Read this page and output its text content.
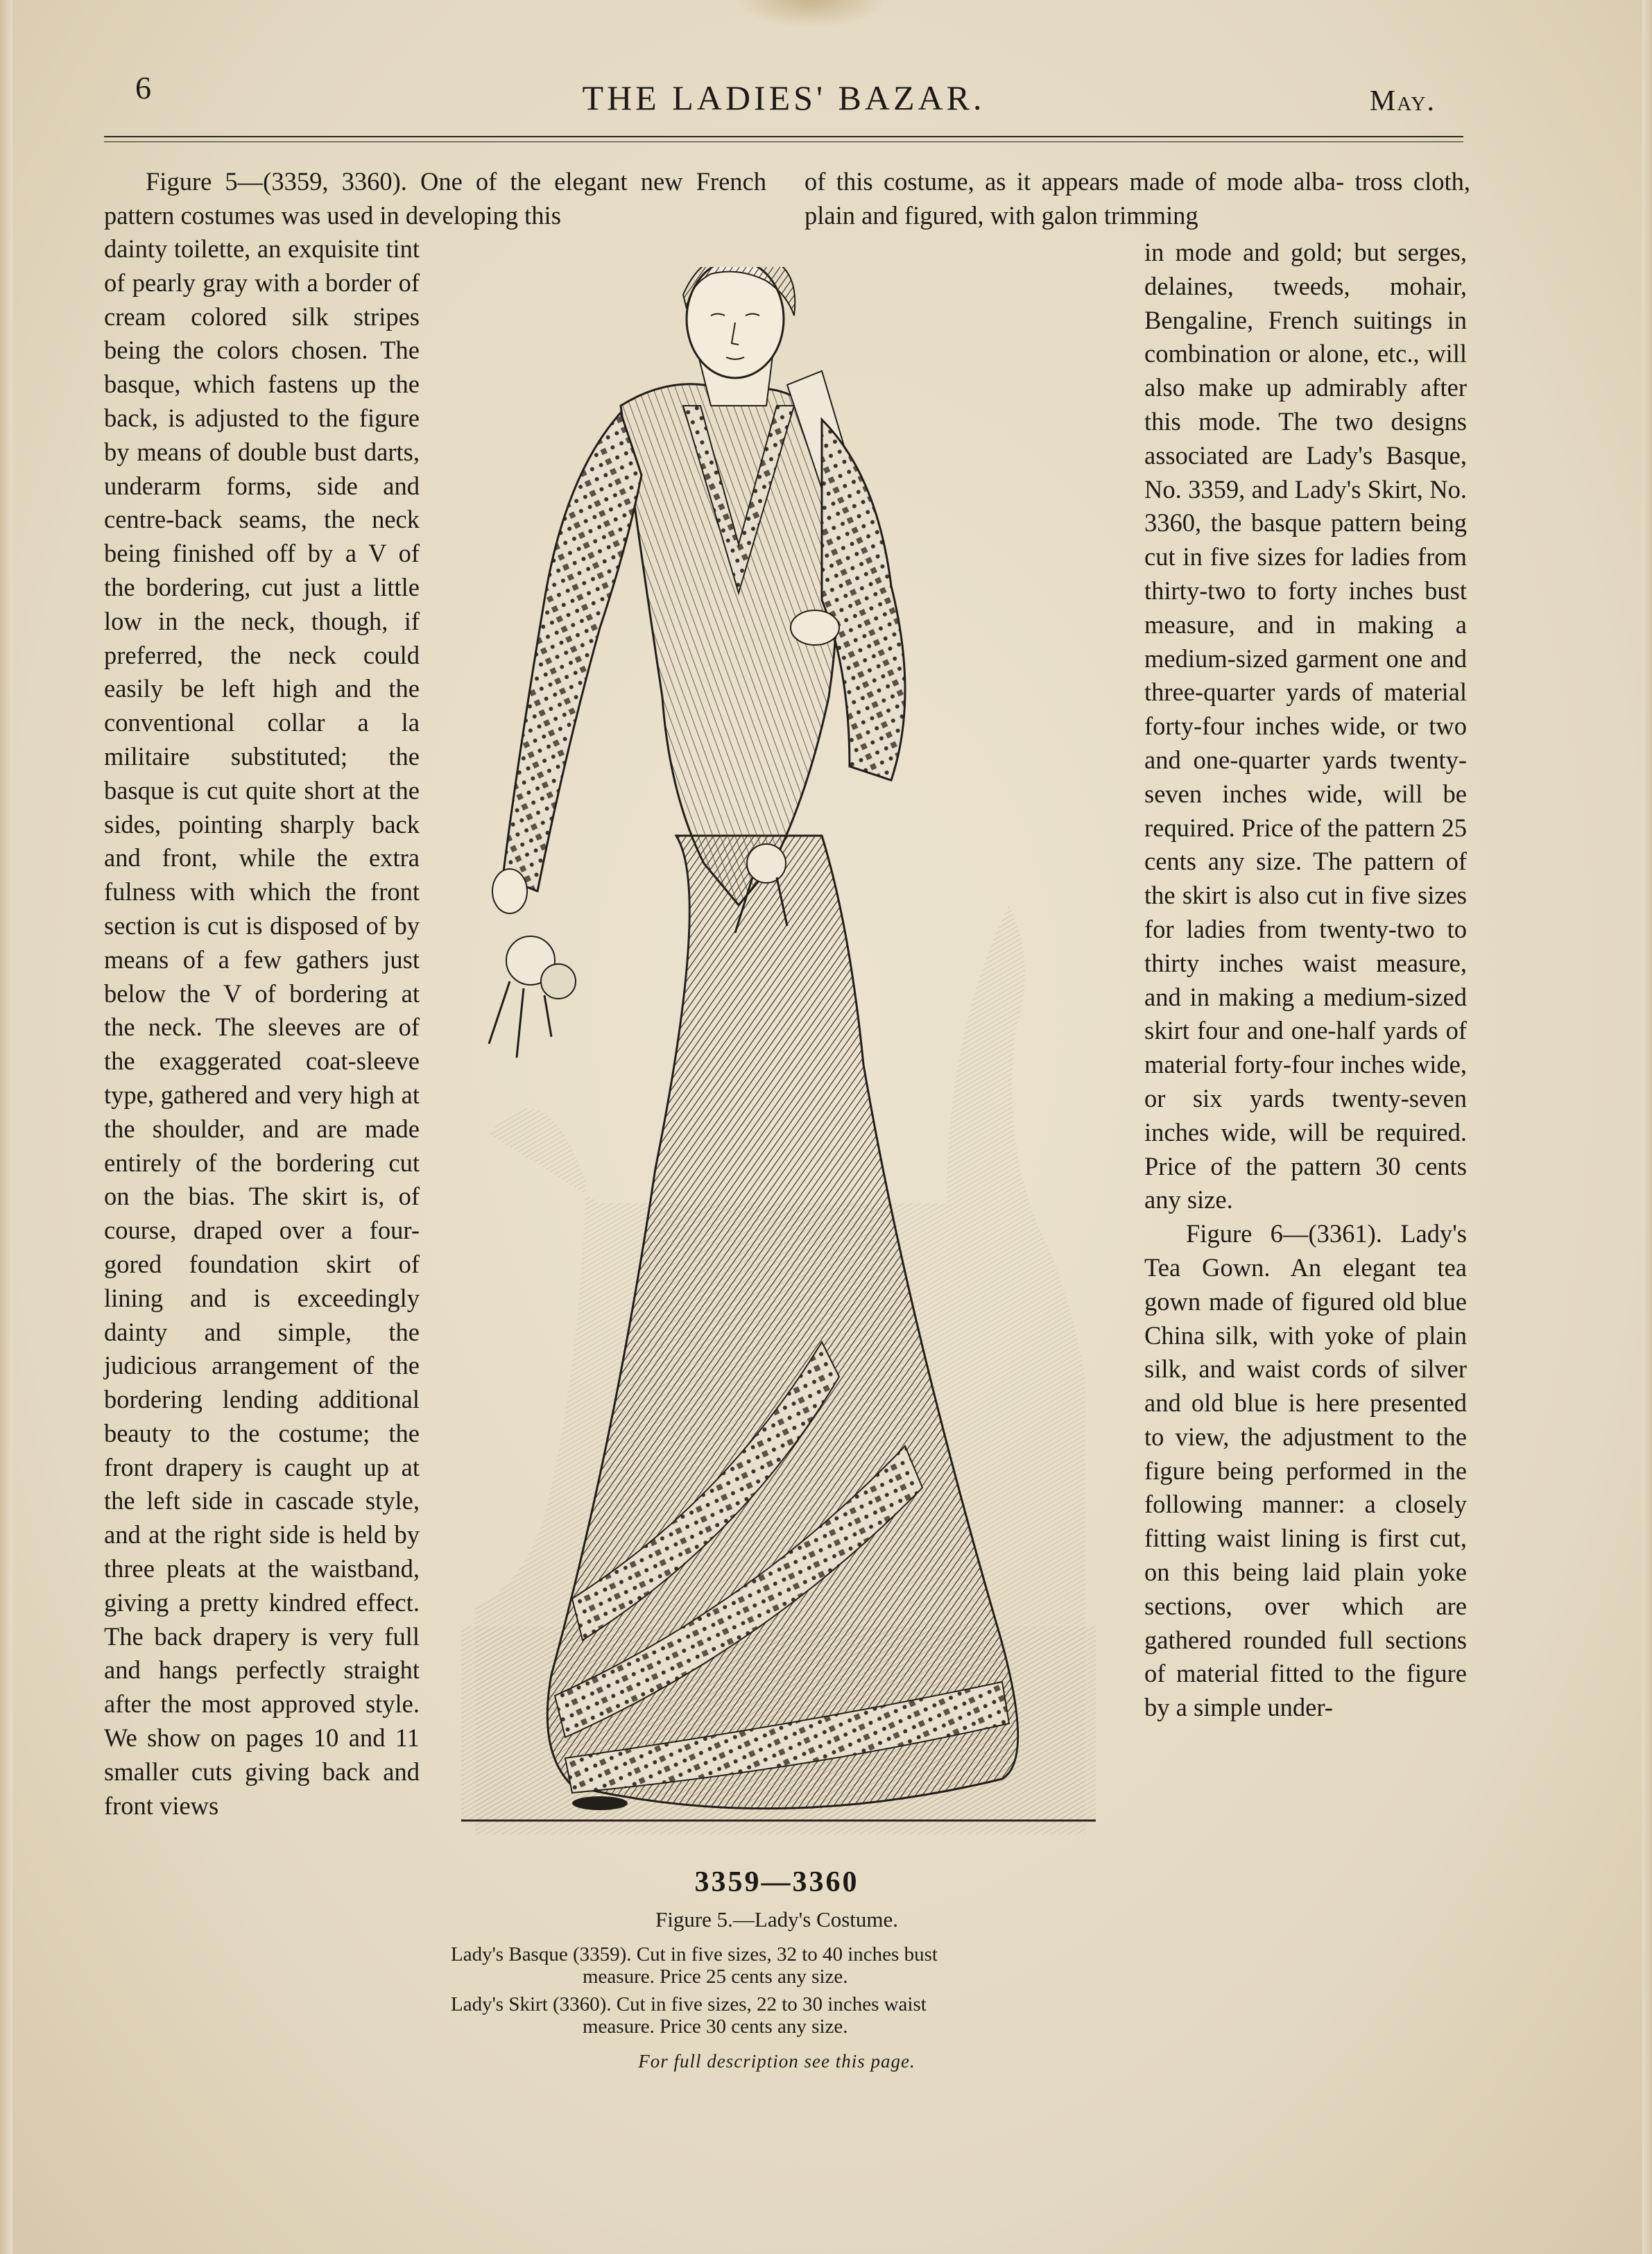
6	THE LADIES' BAZAR.	May.
Figure 5—(3359, 3360). One of the elegant new French pattern costumes was used in developing this
of this costume, as it appears made of mode alba- tross cloth, plain and figured, with galon trimming

dainty toilette, an exquisite tint of pearly gray with a border of cream colored silk stripes being the colors chosen. The basque, which fastens up the back, is adjusted to the figure by means of double bust darts, underarm forms, side and centre-back seams, the neck being finished off by a V of the bordering, cut just a little low in the neck, though, if preferred, the neck could easily be left high and the conventional collar a la militaire substituted; the basque is cut quite short at the sides, pointing sharply back and front, while the extra fulness with which the front section is cut is disposed of by means of a few gathers just below the V of bordering at the neck. The sleeves are of the exaggerated coat-sleeve type, gathered and very high at the shoulder, and are made entirely of the bordering cut on the bias. The skirt is, of course, draped over a four-gored foundation skirt of lining and is exceedingly dainty and simple, the judicious arrangement of the bordering lending additional beauty to the costume; the front drapery is caught up at the left side in cascade style, and at the right side is held by three pleats at the waistband, giving a pretty kindred effect. The back drapery is very full and hangs perfectly straight after the most approved style. We show on pages 10 and 11 smaller cuts giving back and front views

3359—3360
Figure 5.—Lady's Costume.
Lady's Basque (3359). Cut in five sizes, 32 to 40 inches bust
measure. Price 25 cents any size.
Lady's Skirt (3360). Cut in five sizes, 22 to 30 inches waist
measure. Price 30 cents any size.
For full description see this page.

in mode and gold; but serges, delaines, tweeds, mohair, Bengaline, French suitings in combination or alone, etc., will also make up admirably after this mode. The two designs associated are Lady's Basque, No. 3359, and Lady's Skirt, No. 3360, the basque pattern being cut in five sizes for ladies from thirty-two to forty inches bust measure, and in making a medium-sized garment one and three-quarter yards of material forty-four inches wide, or two and one-quarter yards twenty-seven inches wide, will be required. Price of the pattern 25 cents any size. The pattern of the skirt is also cut in five sizes for ladies from twenty-two to thirty inches waist measure, and in making a medium-sized skirt four and one-half yards of material forty-four inches wide, or six yards twenty-seven inches wide, will be required. Price of the pattern 30 cents any size.

Figure 6—(3361). Lady's Tea Gown. An elegant tea gown made of figured old blue China silk, with yoke of plain silk, and waist cords of silver and old blue is here presented to view, the adjustment to the figure being performed in the following manner: a closely fitting waist lining is first cut, on this being laid plain yoke sections, over which are gathered rounded full sections of material fitted to the figure by a simple under-
